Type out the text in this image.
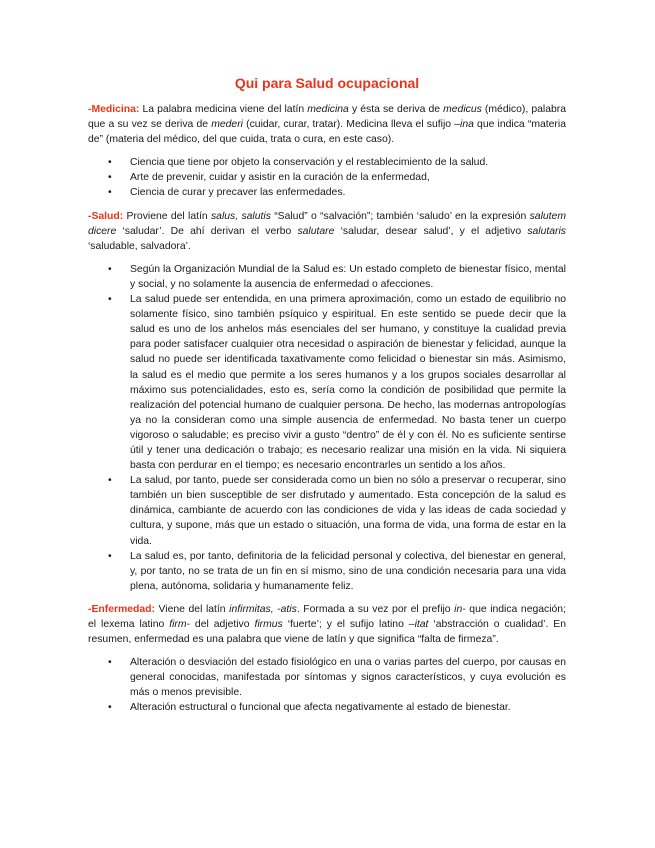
Qui para Salud ocupacional

-Medicina: La palabra medicina viene del latín medicina y ésta se deriva de medicus (médico), palabra que a su vez se deriva de mederi (cuidar, curar, tratar). Medicina lleva el sufijo –ina que indica “materia de” (materia del médico, del que cuida, trata o cura, en este caso).

• Ciencia que tiene por objeto la conservación y el restablecimiento de la salud.
• Arte de prevenir, cuidar y asistir en la curación de la enfermedad,
• Ciencia de curar y precaver las enfermedades.

-Salud: Proviene del latín salus, salutis “Salud” o “salvación”; también ‘saludo’ en la expresión salutem dicere ‘saludar’. De ahí derivan el verbo salutare ‘saludar, desear salud’, y el adjetivo salutaris ‘saludable, salvadora’.

• Según la Organización Mundial de la Salud es: Un estado completo de bienestar físico, mental y social, y no solamente la ausencia de enfermedad o afecciones.
• La salud puede ser entendida, en una primera aproximación, como un estado de equilibrio no solamente físico, sino también psíquico y espiritual. En este sentido se puede decir que la salud es uno de los anhelos más esenciales del ser humano, y constituye la cualidad previa para poder satisfacer cualquier otra necesidad o aspiración de bienestar y felicidad, aunque la salud no puede ser identificada taxativamente como felicidad o bienestar sin más. Asimismo, la salud es el medio que permite a los seres humanos y a los grupos sociales desarrollar al máximo sus potencialidades, esto es, sería como la condición de posibilidad que permite la realización del potencial humano de cualquier persona. De hecho, las modernas antropologías ya no la consideran como una simple ausencia de enfermedad. No basta tener un cuerpo vigoroso o saludable; es preciso vivir a gusto “dentro” de él y con él. No es suficiente sentirse útil y tener una dedicación o trabajo; es necesario realizar una misión en la vida. Ni siquiera basta con perdurar en el tiempo; es necesario encontrarles un sentido a los años.
• La salud, por tanto, puede ser considerada como un bien no sólo a preservar o recuperar, sino también un bien susceptible de ser disfrutado y aumentado. Esta concepción de la salud es dinámica, cambiante de acuerdo con las condiciones de vida y las ideas de cada sociedad y cultura, y supone, más que un estado o situación, una forma de vida, una forma de estar en la vida.
• La salud es, por tanto, definitoria de la felicidad personal y colectiva, del bienestar en general, y, por tanto, no se trata de un fin en sí mismo, sino de una condición necesaria para una vida plena, autónoma, solidaria y humanamente feliz.

-Enfermedad: Viene del latín infirmitas, -atis. Formada a su vez por el prefijo in- que indica negación; el lexema latino firm- del adjetivo firmus ‘fuerte’; y el sufijo latino –itat ‘abstracción o cualidad’. En resumen, enfermedad es una palabra que viene de latín y que significa “falta de firmeza”.

• Alteración o desviación del estado fisiológico en una o varias partes del cuerpo, por causas en general conocidas, manifestada por síntomas y signos característicos, y cuya evolución es más o menos previsible.
• Alteración estructural o funcional que afecta negativamente al estado de bienestar.
